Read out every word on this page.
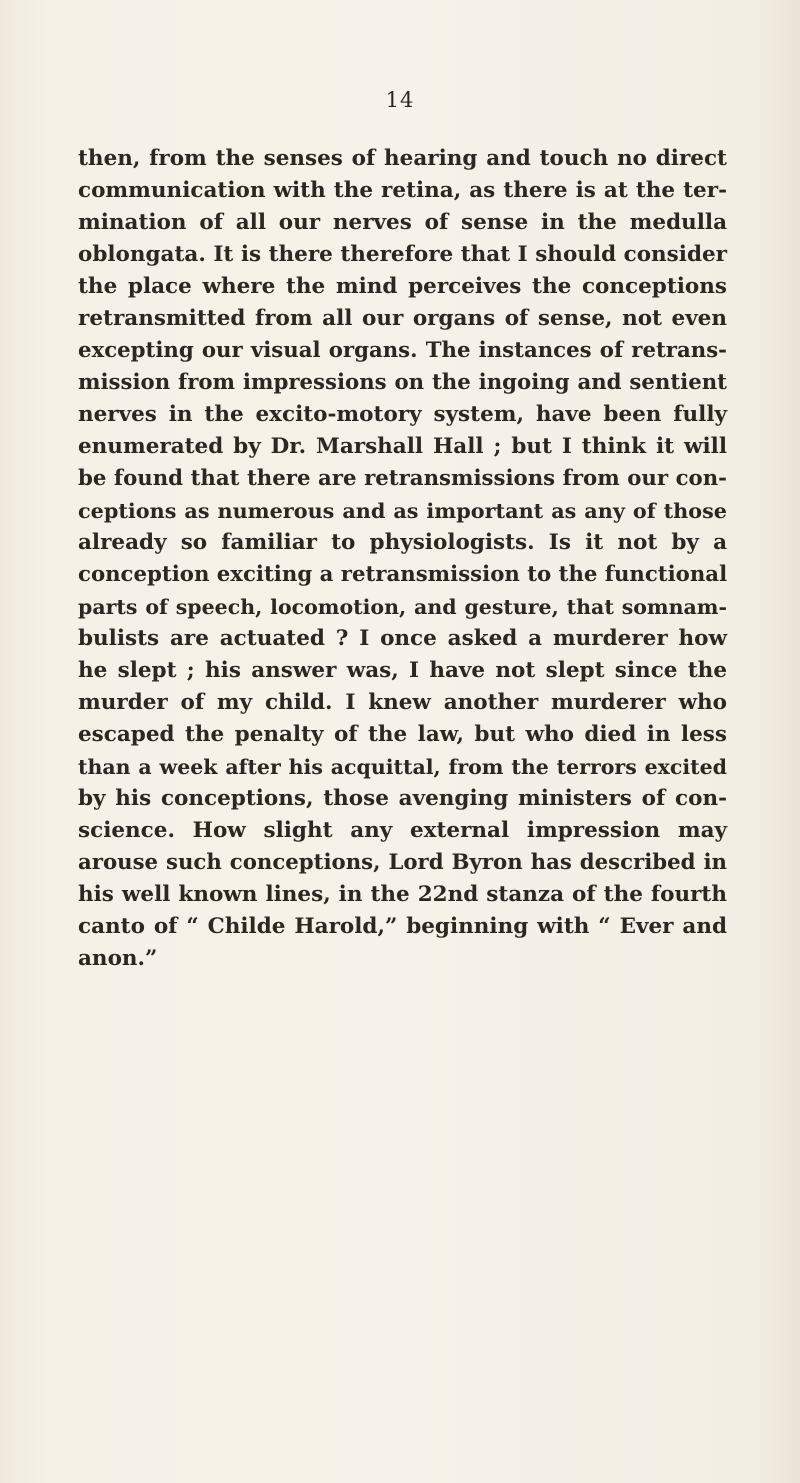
14
then, from the senses of hearing and touch no direct
communication with the retina, as there is at the ter-
mination of all our nerves of sense in the medulla
oblongata. It is there therefore that I should consider
the place where the mind perceives the conceptions
retransmitted from all our organs of sense, not even
excepting our visual organs. The instances of retrans-
mission from impressions on the ingoing and sentient
nerves in the excito-motory system, have been fully
enumerated by Dr. Marshall Hall ; but I think it will
be found that there are retransmissions from our con-
ceptions as numerous and as important as any of those
already so familiar to physiologists. Is it not by a
conception exciting a retransmission to the functional
parts of speech, locomotion, and gesture, that somnam-
bulists are actuated ? I once asked a murderer how
he slept ; his answer was, I have not slept since the
murder of my child. I knew another murderer who
escaped the penalty of the law, but who died in less
than a week after his acquittal, from the terrors excited
by his conceptions, those avenging ministers of con-
science. How slight any external impression may
arouse such conceptions, Lord Byron has described in
his well known lines, in the 22nd stanza of the fourth
canto of “ Childe Harold,” beginning with “ Ever and
anon.”
